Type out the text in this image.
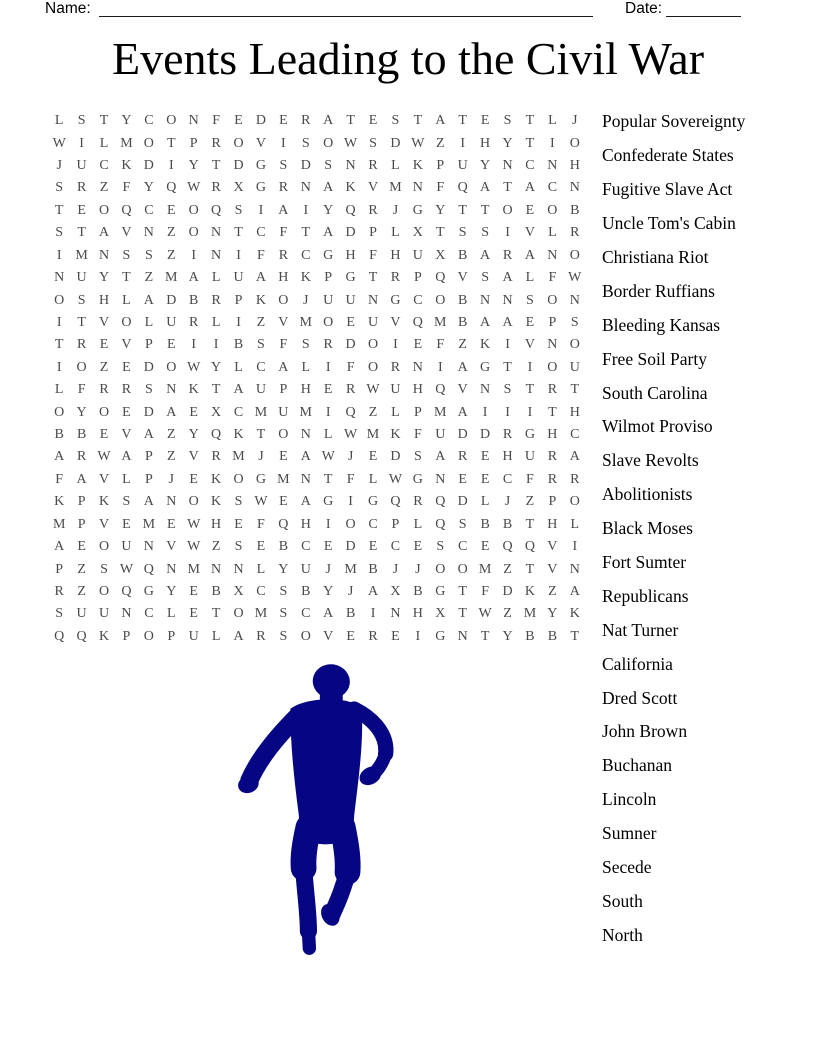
Name:	Date:
Events Leading to the Civil War
L	S	T Y C O N F	E D E R A T E	S	T A T E	S	T L	J
W I	L M O T	P R O V	I	S O W S D W Z	I	H Y T	I	O
J	U C K D	I	Y T D G S D S N R L K P U Y N C N H
S R Z	F Y Q W R X G R N A K V M N F Q A T A C N
T E O Q C E O Q S	I	A	I	Y Q R	J	G Y T T O E O B
S	T A V N Z O N T C F	T A D P	L X T	S	S	I	V L R
I M N S	S	Z	I	N	I	F R C G H F H U X B A R A N O
N U Y T Z M A L U A H K P G T R P Q V S A L	F W
O S H L A D B R P K O	J	U U N G C O B N N S O N
I	T V O L U R L	I	Z V M O E U V Q M B A A E	P	S
T R E V P	E	I	I	B S	F	S R D O	I	E	F	Z K	I	V N O
I	O Z E D O W Y L C A L	I	F O R N	I	A G T	I	O U
L	F R R S N K T A U P H E R W U H Q V N S	T R T
O Y O E D A E X C M U M I	Q Z L	P M A	I	I	I	T H
B B E V A Z Y Q K T O N L W M K F U D D R G H C
A R W A P	Z V R M J	E A W J	E D S A R E H U R A
F A V L	P	J	E K O G M N T	F	L W G N E E C F R R
K P K S A N O K S W E A G	I	G Q R Q D L	J	Z	P O
M P V E M E W H E	F Q H	I	O C P	L Q S B B T H L
A E O U N V W Z	S	E B C E D E C E	S C E Q Q V	I
P	Z	S W Q N M N N L Y U	J M B	J	J	O O M Z T V N
R Z O Q G Y E B X C S B Y	J	A X B G T	F D K Z A
S U U N C L E T O M S C A B	I	N H X T W Z M Y K
Q Q K P O P U L A R S O V E R E	I	G N T Y B B T
Popular Sovereignty
Confederate States
Fugitive Slave Act
Uncle Tom's Cabin
Christiana Riot
Border Ruffians
Bleeding Kansas
Free Soil Party
South Carolina
Wilmot Proviso
Slave Revolts
Abolitionists
Black Moses
Fort Sumter
Republicans
Nat Turner
California
Dred Scott
John Brown
Buchanan
Lincoln
Sumner
Secede
South
North
